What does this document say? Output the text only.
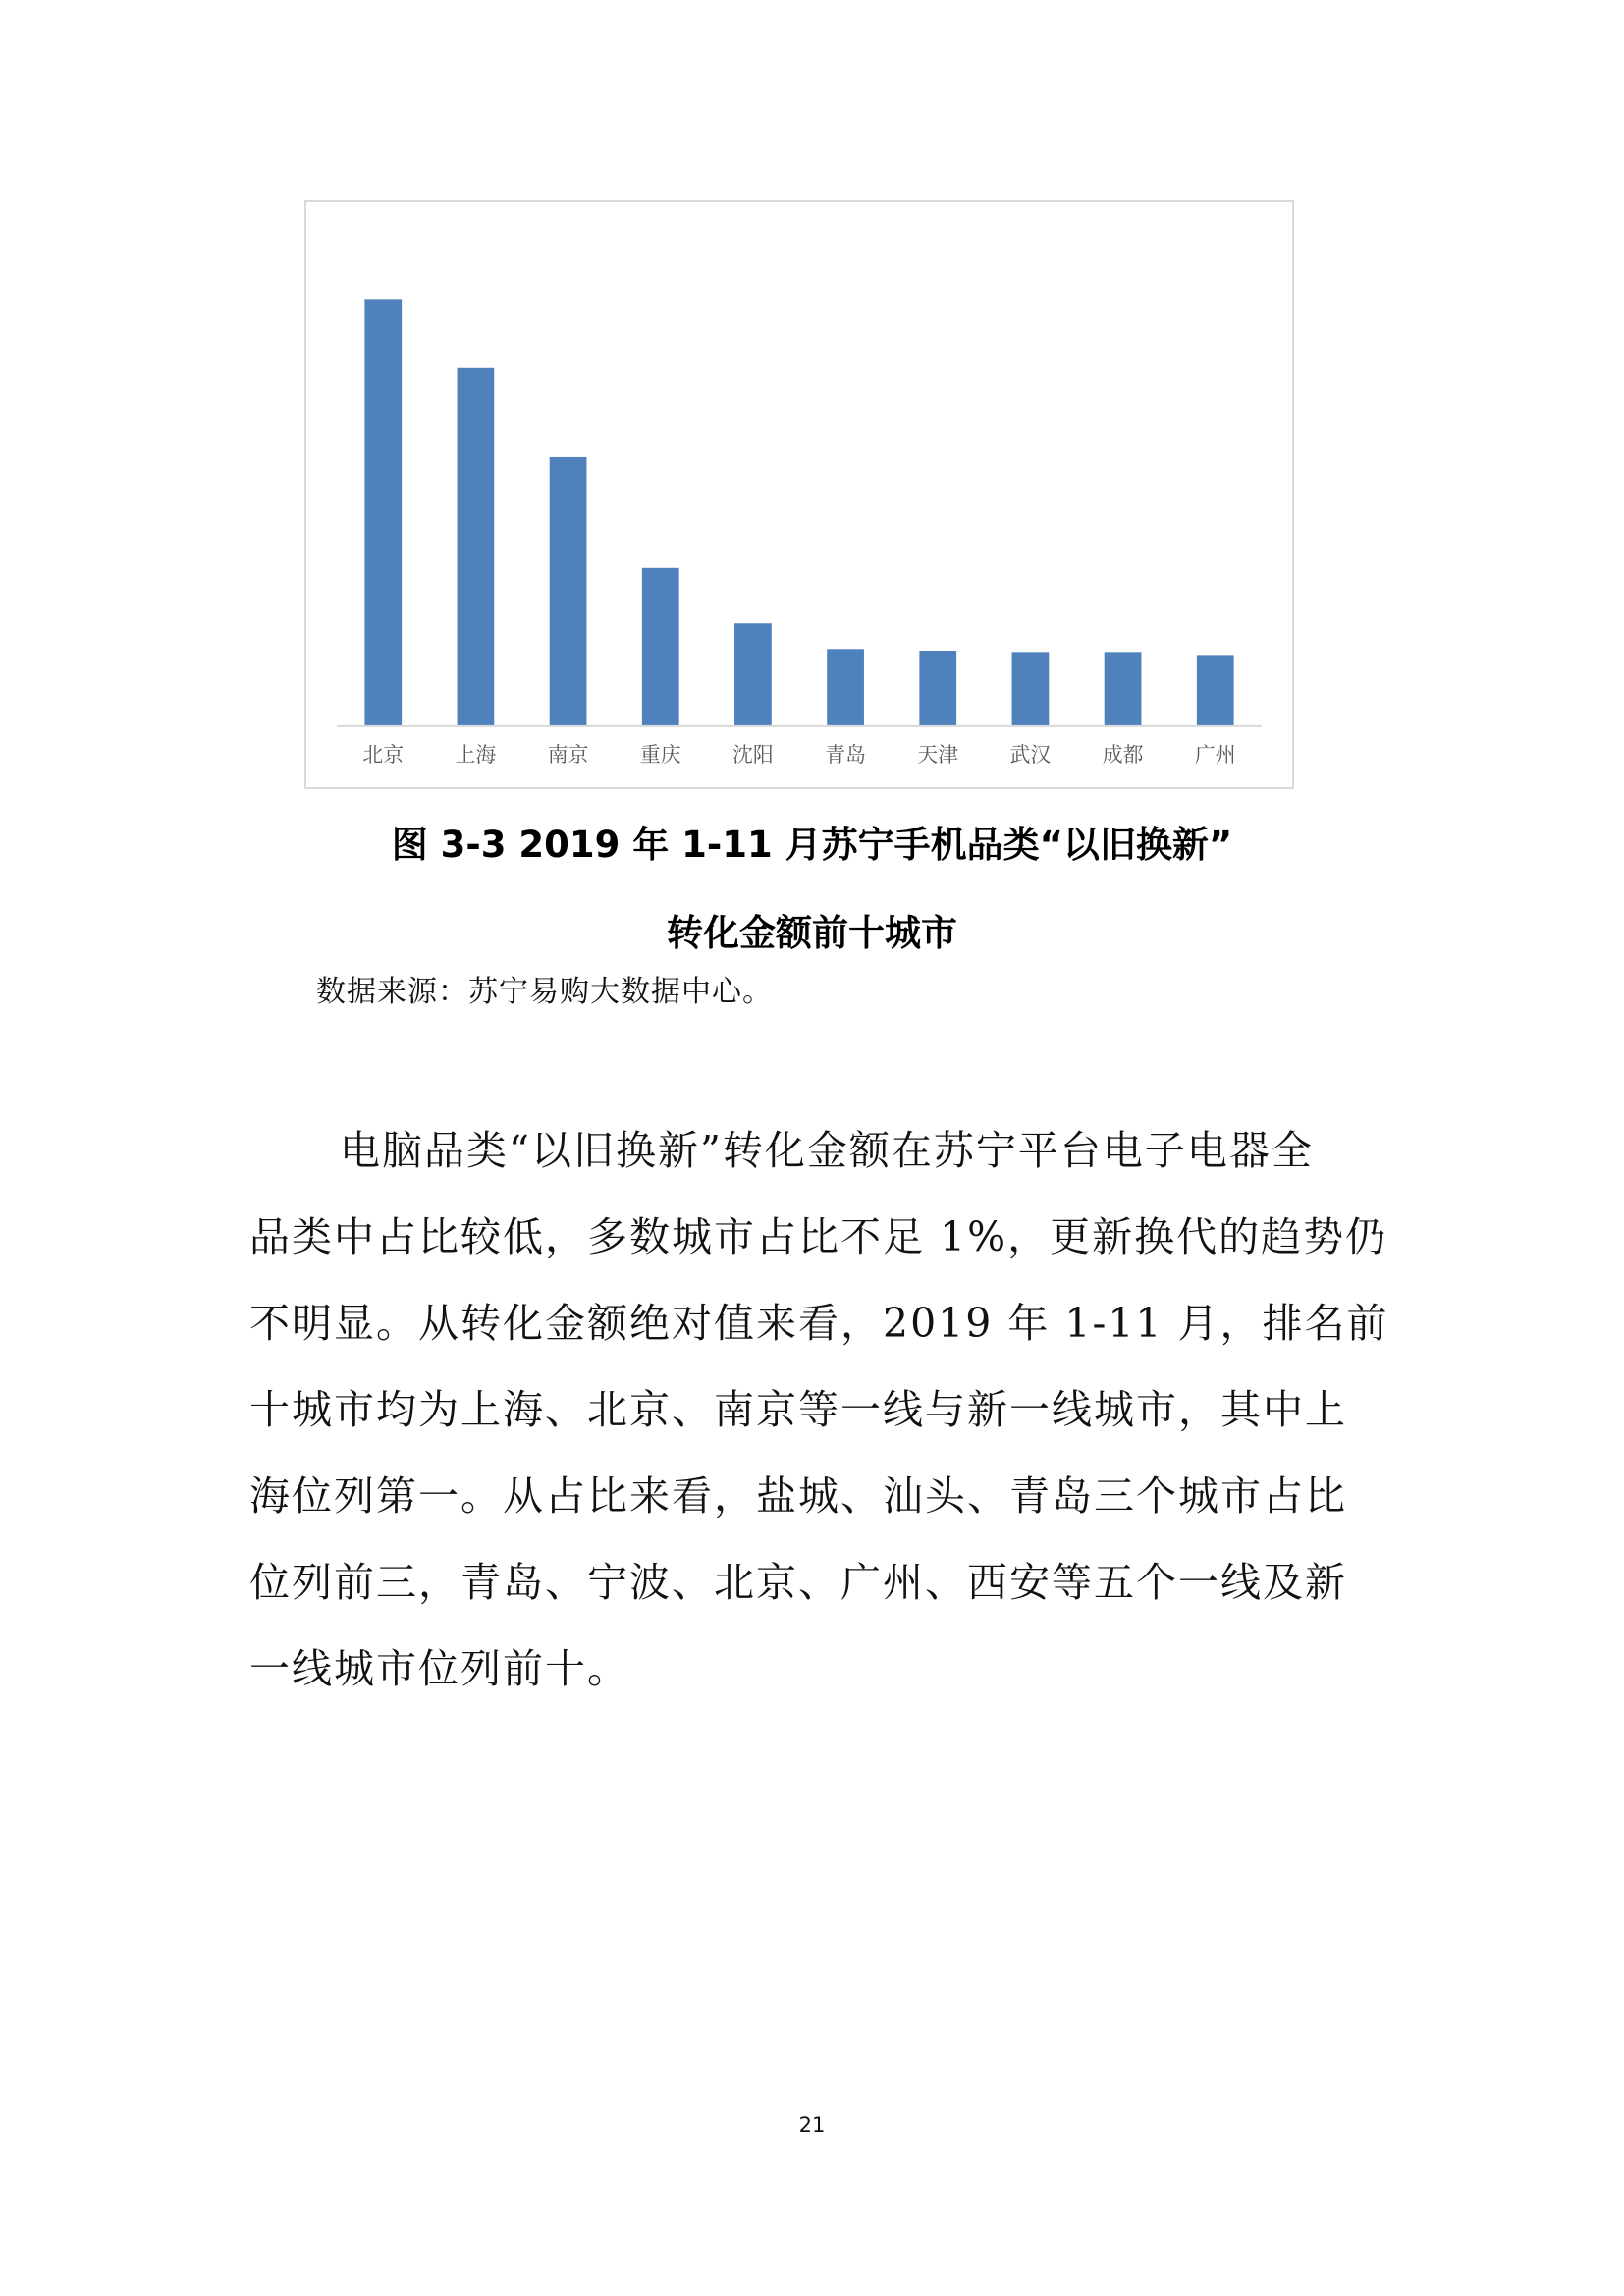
北京 上海 南京 重庆 沈阳 青岛 天津 武汉 成都 广州
图 3-3 2019 年 1-11 月苏宁手机品类“以旧换新”
转化金额前十城市
数据来源：苏宁易购大数据中心。
电脑品类“以旧换新”转化金额在苏宁平台电子电器全
品类中占比较低，多数城市占比不足 1%，更新换代的趋势仍
不明显。从转化金额绝对值来看，2019 年 1-11 月，排名前
十城市均为上海、北京、南京等一线与新一线城市，其中上
海位列第一。从占比来看，盐城、汕头、青岛三个城市占比
位列前三，青岛、宁波、北京、广州、西安等五个一线及新
一线城市位列前十。
21
